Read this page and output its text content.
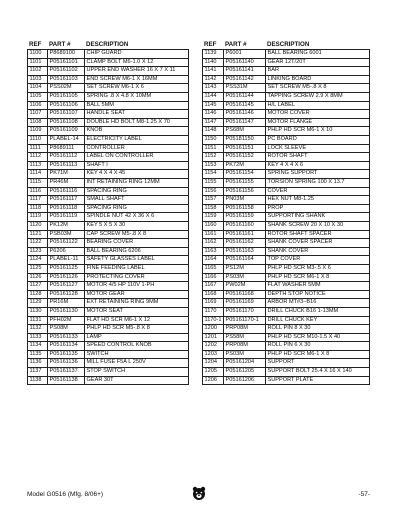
REF	PART #	DESCRIPTION
1100	P8689100	CHIP GUARD
1101	P05161101	CLAMP BOLT M6-1.0 X 12
1102	P05161102	UPPER END WASHER 16 X 7 X 11
1103	P05161103	END SCREW M6-1 X 16MM
1104	PSS02M	SET SCREW M6-1 X 6
1105	P05161105	SPRING .8 X 4.8 X 10MM
1106	P05161106	BALL 5MM
1107	P05161107	HANDLE SEAT
1108	P05161108	DOUBLE HD BOLT M8-1.25 X 70
1109	P05161109	KNOB
1110	PLABEL-14	ELECTRICITY LABEL
1111	P8689111	CONTROLLER
1112	P05161112	LABEL ON CONTROLLER
1113	P05161113	SHAFT I
1114	PK71M	KEY 4 X 4 X 45
1115	PR46M	INT RETAINING RING 12MM
1116	P05161116	SPACING RING
1117	P05161117	SMALL SHAFT
1118	P05161118	SPACING RING
1119	P05161119	SPINDLE NUT 42 X 36 X 6
1120	PK12M	KEY 5 X 5 X 30
1121	PSB03M	CAP SCREW M5-.8 X 8
1122	P05161122	BEARING COVER
1123	P6206	BALL BEARING 6206
1124	PLABEL-11	SAFETY GLASSES LABEL
1125	P05161125	FINE FEEDING LABEL
1126	P05161126	PROTECTING COVER
1127	P05161127	MOTOR 4/5 HP 110V 1-PH
1128	P05161128	MOTOR GEAR
1129	PR16M	EXT RETAINING RING 9MM
1130	P05161130	MOTOR SEAT
1131	PFH02M	FLAT HD SCR M6-1 X 12
1132	PS08M	PHLP HD SCR M5-.8 X 8
1133	P05161133	LAMP
1134	P05161134	SPEED CONTROL KNOB
1135	P05161135	SWITCH
1136	P05161136	MILL FUSE F5A L 250V
1137	P05161137	STOP SWITCH
1138	P05161138	GEAR 30T
REF	PART #	DESCRIPTION
1139	P6001	BALL BEARING 6001
1140	P05161140	GEAR 12T/20T
1141	P05161141	BAR
1142	P05161142	LINKING BOARD
1143	PSS31M	SET SCREW M5-.8 X 8
1144	P05161144	TAPPING SCREW 2.9 X 8MM
1145	P05161145	H/L LABEL
1146	P05161146	MOTOR COVER
1147	P05161147	MOTOR FLANGE
1148	PS68M	PHLP HD SCR M6-1 X 10
1150	P05181150	PC BOARD
1151	P05161151	LOCK SLEEVE
1152	P05161152	ROTOR SHAFT
1153	PK72M	KEY 4 X 4 X 6
1154	P05161154	SPRING SUPPORT
1155	P05161155	TORSION SPRING 100 X 13.7
1156	P05161156	COVER
1157	PN03M	HEX NUT M8-1.25
1158	P05161158	PROP
1159	P05161159	SUPPORTING SHANK
1160	P05161160	SHANK SCREW 20 X 10 X 30
1161	P05161161	ROTOR SHAFT SPACER
1162	P05161162	SHANK COVER SPACER
1163	P05161163	SHANK COVER
1164	P05161164	TOP COVER
1165	PS12M	PHLP HD SCR M3-.5 X 6
1166	PS03M	PHLP HD SCR M6-1 X 8
1167	PW02M	FLAT WASHER 5MM
1168	P05161168	DEPTH STOP NOTICE
1169	P05161169	ARBOR MT#3–B16
1170	P05161170	DRILL CHUCK B16 1-13MM
1170-1	P05161170-1	DRILL CHUCK KEY
1200	PRP08M	ROLL PIN 8 X 30
1201	PS58M	PHLP HD SCR M10-1.5 X 40
1202	PRP08M	ROLL PIN 6 X 30
1203	PS03M	PHLP HD SCR M6-1 X 8
1204	P05161204	SUPPORT
1205	P05161205	SUPPORT BOLT 25.4 X 16 X 140
1206	P05161206	SUPPORT PLATE
Model G0516 (Mfg. 8/06+)	-57-
